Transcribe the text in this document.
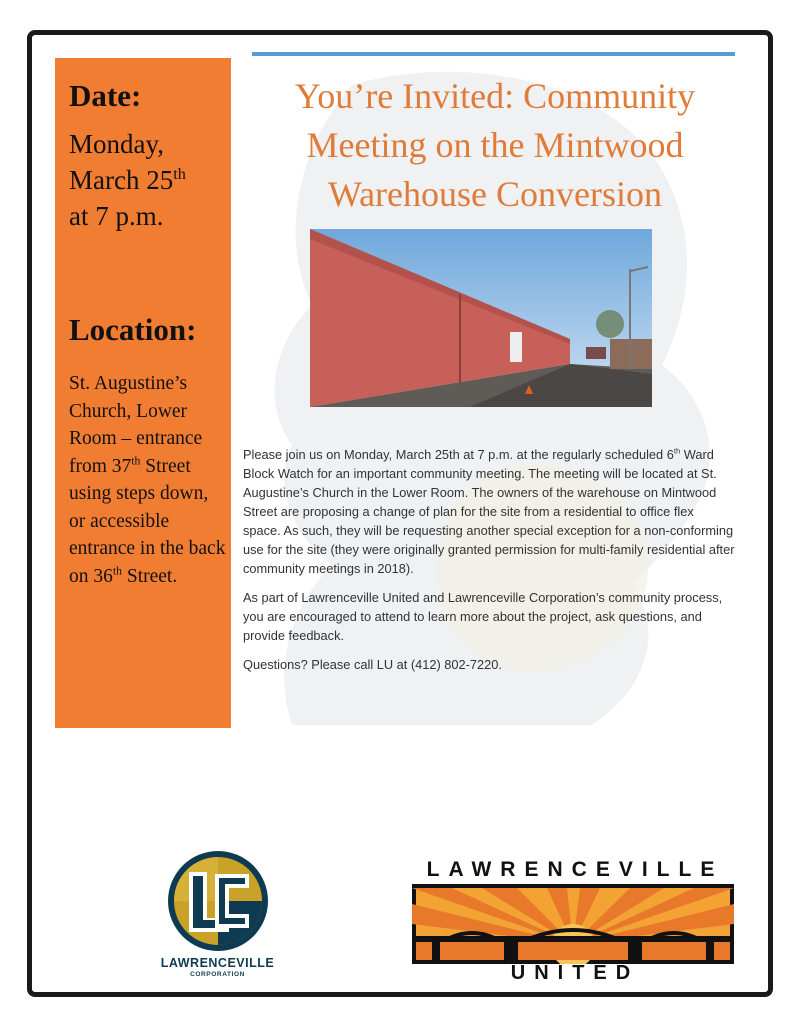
Date:
Monday,
March 25th
at 7 p.m.
Location:
St. Augustine’s Church, Lower Room – entrance from 37th Street using steps down, or accessible entrance in the back on 36th Street.
You’re Invited: Community Meeting on the Mintwood Warehouse Conversion

Please join us on Monday, March 25th at 7 p.m. at the regularly scheduled 6th Ward Block Watch for an important community meeting. The meeting will be located at St. Augustine’s Church in the Lower Room. The owners of the warehouse on Mintwood Street are proposing a change of plan for the site from a residential to office flex space. As such, they will be requesting another special exception for a non-conforming use for the site (they were originally granted permission for multi-family residential after community meetings in 2018).

As part of Lawrenceville United and Lawrenceville Corporation’s community process, you are encouraged to attend to learn more about the project, ask questions, and provide feedback.

Questions? Please call LU at (412) 802-7220.

LAWRENCEVILLE
CORPORATION
LAWRENCEVILLE
UNITED
